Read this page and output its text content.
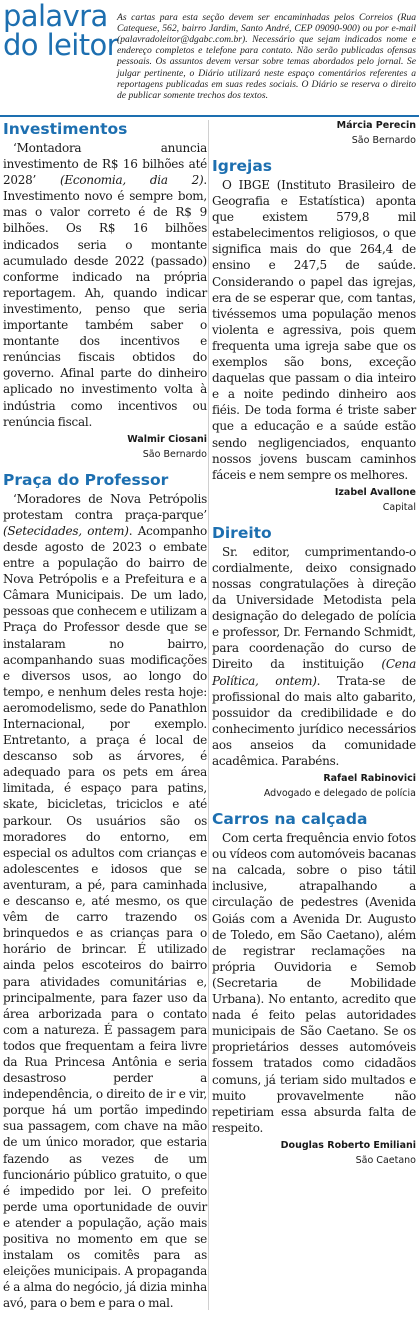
palavra
do leitor

As cartas para esta seção devem ser encaminhadas pelos Correios (Rua Catequese, 562, bairro Jardim, Santo André, CEP 09090-900) ou por e-mail (palavradoleitor@dgabc.com.br). Necessário que sejam indicados nome e endereço completos e telefone para contato. Não serão publicadas ofensas pessoais. Os assuntos devem versar sobre temas abordados pelo jornal. Se julgar pertinente, o Diário utilizará neste espaço comentários referentes a reportagens publicadas em suas redes sociais. O Diário se reserva o direito de publicar somente trechos dos textos.

Investimentos

‘Montadora anuncia investimento de R$ 16 bilhões até 2028’ (Economia, dia 2). Investimento novo é sempre bom, mas o valor correto é de R$ 9 bilhões. Os R$ 16 bilhões indicados seria o montante acumulado desde 2022 (passado) conforme indicado na própria reportagem. Ah, quando indicar investimento, penso que seria importante também saber o montante dos incentivos e renúncias fiscais obtidos do governo. Afinal parte do dinheiro aplicado no investimento volta à indústria como incentivos ou renúncia fiscal.

Walmir Ciosani

São Bernardo

Praça do Professor

‘Moradores de Nova Petrópolis protestam contra praça-parque’ (Setecidades, ontem). Acompanho desde agosto de 2023 o embate entre a população do bairro de Nova Petrópolis e a Prefeitura e a Câmara Municipais. De um lado, pessoas que conhecem e utilizam a Praça do Professor desde que se instalaram no bairro, acompanhando suas modificações e diversos usos, ao longo do tempo, e nenhum deles resta hoje: aeromodelismo, sede do Panathlon Internacional, por exemplo. Entretanto, a praça é local de descanso sob as árvores, é adequado para os pets em área limitada, é espaço para patins, skate, bicicletas, triciclos e até parkour. Os usuários são os moradores do entorno, em especial os adultos com crianças e adolescentes e idosos que se aventuram, a pé, para caminhada e descanso e, até mesmo, os que vêm de carro trazendo os brinquedos e as crianças para o horário de brincar. É utilizado ainda pelos escoteiros do bairro para atividades comunitárias e, principalmente, para fazer uso da área arborizada para o contato com a natureza. É passagem para todos que frequentam a feira livre da Rua Princesa Antônia e seria desastroso perder a independência, o direito de ir e vir, porque há um portão impedindo sua passagem, com chave na mão de um único morador, que estaria fazendo as vezes de um funcionário público gratuito, o que é impedido por lei. O prefeito perde uma oportunidade de ouvir e atender a população, ação mais positiva no momento em que se instalam os comitês para as eleições municipais. A propaganda é a alma do negócio, já dizia minha avó, para o bem e para o mal.

Márcia Perecin

São Bernardo

Igrejas

O IBGE (Instituto Brasileiro de Geografia e Estatística) aponta que existem 579,8 mil estabelecimentos religiosos, o que significa mais do que 264,4 de ensino e 247,5 de saúde. Considerando o papel das igrejas, era de se esperar que, com tantas, tivéssemos uma população menos violenta e agressiva, pois quem frequenta uma igreja sabe que os exemplos são bons, exceção daquelas que passam o dia inteiro e a noite pedindo dinheiro aos fiéis. De toda forma é triste saber que a educação e a saúde estão sendo negligenciados, enquanto nossos jovens buscam caminhos fáceis e nem sempre os melhores.

Izabel Avallone

Capital

Direito

Sr. editor, cumprimentando-o cordialmente, deixo consignado nossas congratulações à direção da Universidade Metodista pela designação do delegado de polícia e professor, Dr. Fernando Schmidt, para coordenação do curso de Direito da instituição (Cena Política, ontem). Trata-se de profissional do mais alto gabarito, possuidor da credibilidade e do conhecimento jurídico necessários aos anseios da comunidade acadêmica. Parabéns.

Rafael Rabinovici

Advogado e delegado de polícia

Carros na calçada

Com certa frequência envio fotos ou vídeos com automóveis bacanas na calcada, sobre o piso tátil inclusive, atrapalhando a circulação de pedestres (Avenida Goiás com a Avenida Dr. Augusto de Toledo, em São Caetano), além de registrar reclamações na própria Ouvidoria e Semob (Secretaria de Mobilidade Urbana). No entanto, acredito que nada é feito pelas autoridades municipais de São Caetano. Se os proprietários desses automóveis fossem tratados como cidadãos comuns, já teriam sido multados e muito provavelmente não repetiriam essa absurda falta de respeito.

Douglas Roberto Emiliani

São Caetano
